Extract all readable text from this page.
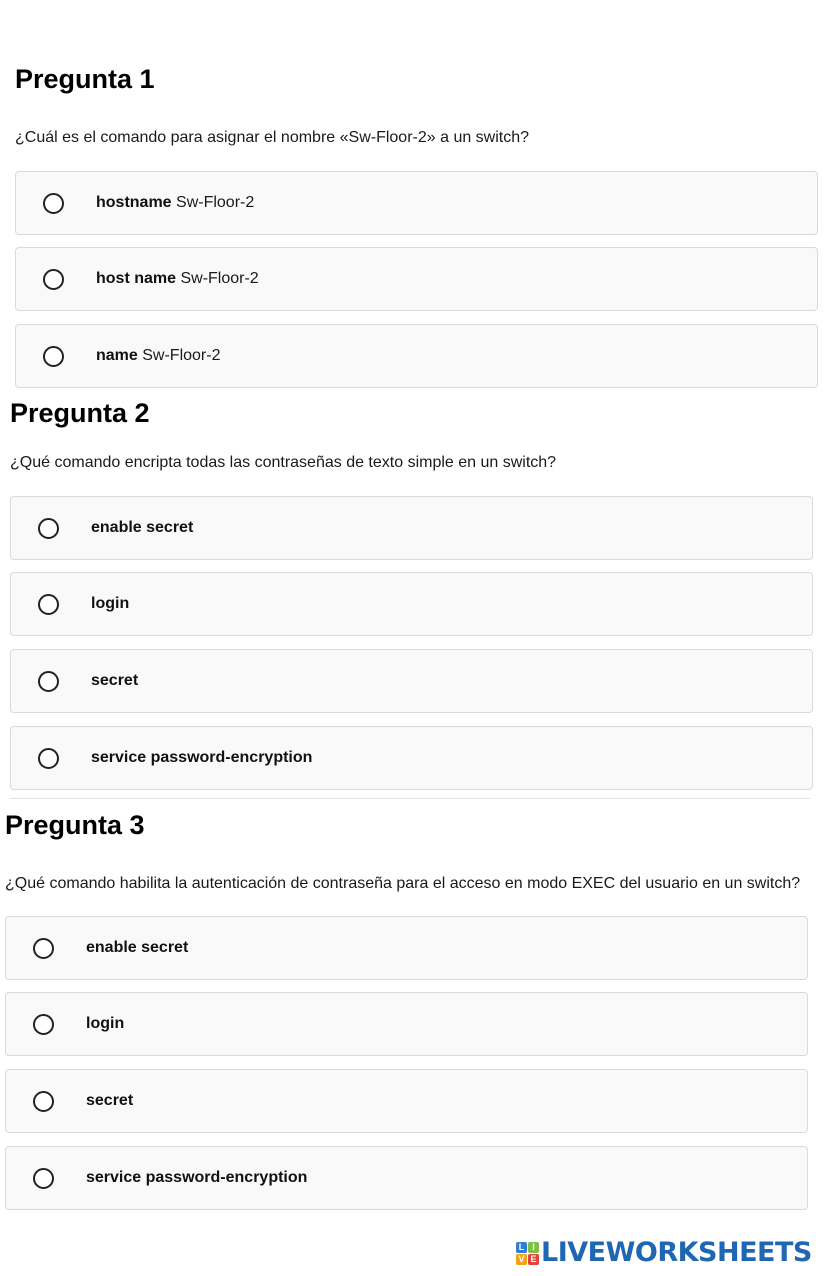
Pregunta 1

¿Cuál es el comando para asignar el nombre «Sw-Floor-2» a un switch?

hostname Sw-Floor-2
host name Sw-Floor-2
name Sw-Floor-2
Pregunta 2

¿Qué comando encripta todas las contraseñas de texto simple en un switch?

enable secret
login
secret
service password-encryption
Pregunta 3

¿Qué comando habilita la autenticación de contraseña para el acceso en modo EXEC del usuario en un switch?

enable secret
login
secret
service password-encryption
L I
V E LIVEWORKSHEETS
